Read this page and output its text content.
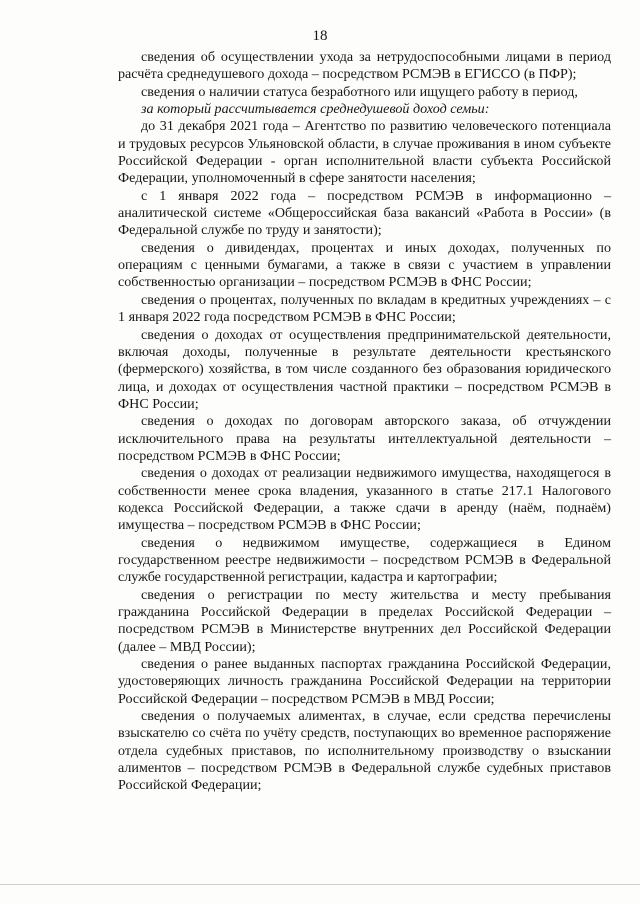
18

сведения об осуществлении ухода за нетрудоспособными лицами в период расчёта среднедушевого дохода – посредством РСМЭВ в ЕГИССО (в ПФР);

сведения о наличии статуса безработного или ищущего работу в период,

за который рассчитывается среднедушевой доход семьи:

до 31 декабря 2021 года – Агентство по развитию человеческого потенциала и трудовых ресурсов Ульяновской области, в случае проживания в ином субъекте Российской Федерации - орган исполнительной власти субъекта Российской Федерации, уполномоченный в сфере занятости населения;

с 1 января 2022 года – посредством РСМЭВ в информационно – аналитической системе «Общероссийская база вакансий «Работа в России» (в Федеральной службе по труду и занятости);

сведения о дивидендах, процентах и иных доходах, полученных по операциям с ценными бумагами, а также в связи с участием в управлении собственностью организации – посредством РСМЭВ в ФНС России;

сведения о процентах, полученных по вкладам в кредитных учреждениях – с 1 января 2022 года посредством РСМЭВ в ФНС России;

сведения о доходах от осуществления предпринимательской деятельности, включая доходы, полученные в результате деятельности крестьянского (фермерского) хозяйства, в том числе созданного без образования юридического лица, и доходах от осуществления частной практики – посредством РСМЭВ в ФНС России;

сведения о доходах по договорам авторского заказа, об отчуждении исключительного права на результаты интеллектуальной деятельности – посредством РСМЭВ в ФНС России;

сведения о доходах от реализации недвижимого имущества, находящегося в собственности менее срока владения, указанного в статье 217.1 Налогового кодекса Российской Федерации, а также сдачи в аренду (наём, поднаём) имущества – посредством РСМЭВ в ФНС России;

сведения о недвижимом имуществе, содержащиеся в Едином государственном реестре недвижимости – посредством РСМЭВ в Федеральной службе государственной регистрации, кадастра и картографии;

сведения о регистрации по месту жительства и месту пребывания гражданина Российской Федерации в пределах Российской Федерации – посредством РСМЭВ в Министерстве внутренних дел Российской Федерации (далее – МВД России);

сведения о ранее выданных паспортах гражданина Российской Федерации, удостоверяющих личность гражданина Российской Федерации на территории Российской Федерации – посредством РСМЭВ в МВД России;

сведения о получаемых алиментах, в случае, если средства перечислены взыскателю со счёта по учёту средств, поступающих во временное распоряжение отдела судебных приставов, по исполнительному производству о взыскании алиментов – посредством РСМЭВ в Федеральной службе судебных приставов Российской Федерации;
